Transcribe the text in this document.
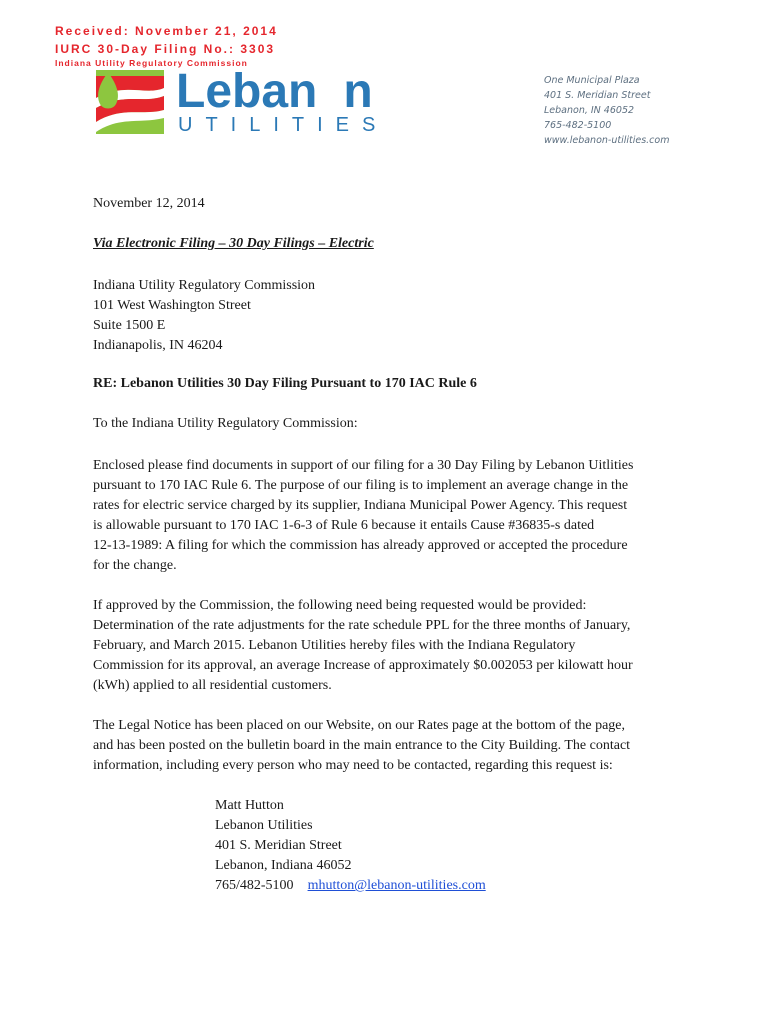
Received: November 21, 2014
IURC 30-Day Filing No.: 3303
Indiana Utility Regulatory Commission
Leban n
UTILITIES
One Municipal Plaza
401 S. Meridian Street
Lebanon, IN 46052
765-482-5100
www.lebanon-utilities.com
November 12, 2014
Via Electronic Filing – 30 Day Filings – Electric
Indiana Utility Regulatory Commission
101 West Washington Street
Suite 1500 E
Indianapolis, IN 46204
RE: Lebanon Utilities 30 Day Filing Pursuant to 170 IAC Rule 6
To the Indiana Utility Regulatory Commission:
Enclosed please find documents in support of our filing for a 30 Day Filing by Lebanon Uitlities
pursuant to 170 IAC Rule 6. The purpose of our filing is to implement an average change in the
rates for electric service charged by its supplier, Indiana Municipal Power Agency. This request
is allowable pursuant to 170 IAC 1-6-3 of Rule 6 because it entails Cause #36835-s dated
12-13-1989: A filing for which the commission has already approved or accepted the procedure
for the change.
If approved by the Commission, the following need being requested would be provided:
Determination of the rate adjustments for the rate schedule PPL for the three months of January,
February, and March 2015. Lebanon Utilities hereby files with the Indiana Regulatory
Commission for its approval, an average Increase of approximately $0.002053 per kilowatt hour
(kWh) applied to all residential customers.
The Legal Notice has been placed on our Website, on our Rates page at the bottom of the page,
and has been posted on the bulletin board in the main entrance to the City Building. The contact
information, including every person who may need to be contacted, regarding this request is:
Matt Hutton
Lebanon Utilities
401 S. Meridian Street
Lebanon, Indiana 46052
765/482-5100 mhutton@lebanon-utilities.com
